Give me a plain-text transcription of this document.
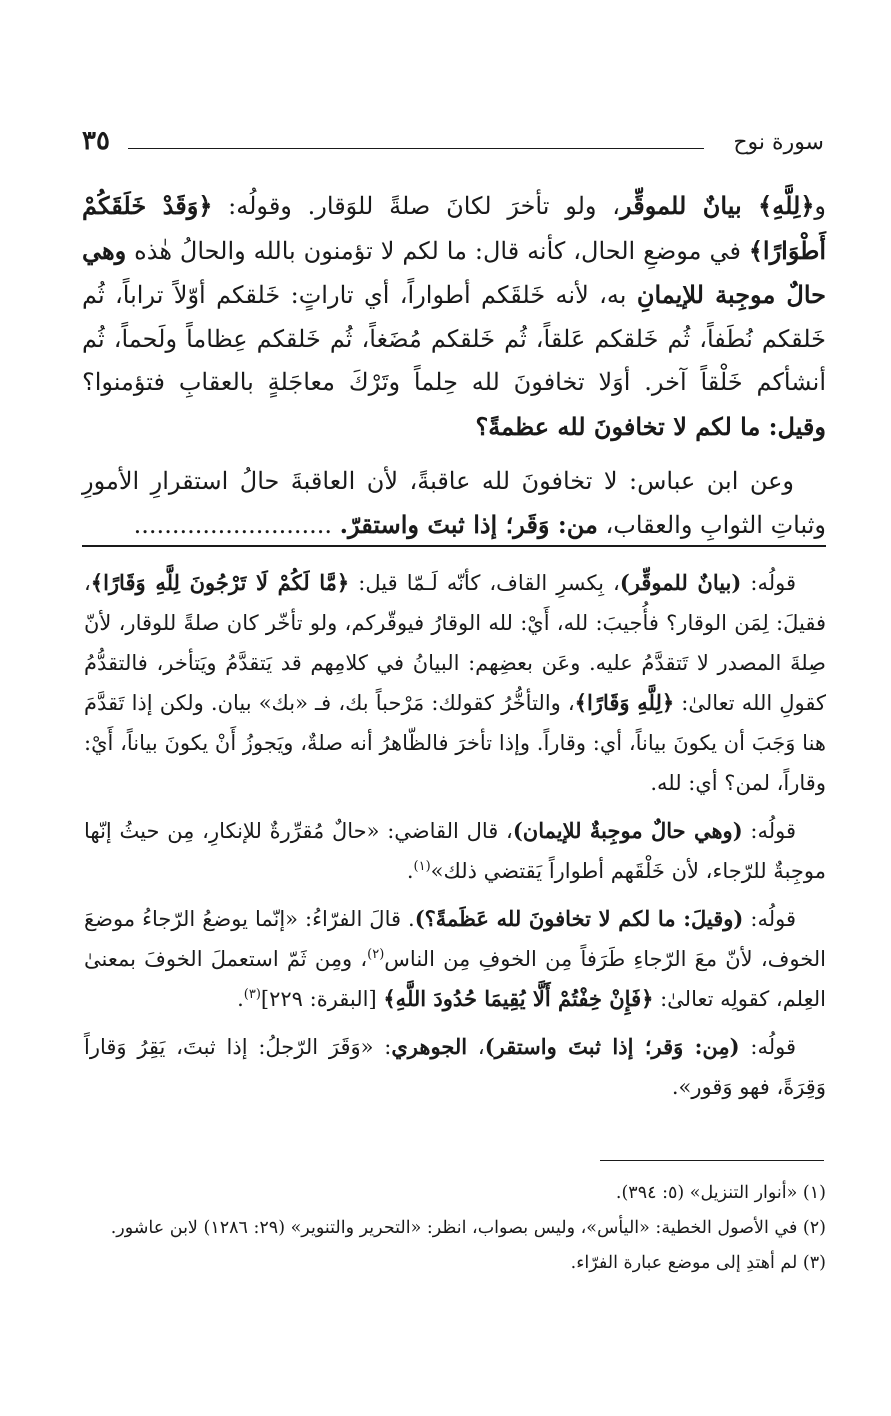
سورة نوح
٣٥

و﴿لِلَّهِ﴾ بيانٌ للموقِّر، ولو تأخرَ لكانَ صلةً للوَقار. وقولُه: ﴿وَقَدْ خَلَقَكُمْ أَطْوَارًا﴾ في موضعِ الحال، كأنه قال: ما لكم لا تؤمنون بالله والحالُ هٰذه وهي حالٌ موجِبة للإيمانِ به، لأنه خَلقَكم أطواراً، أي تاراتٍ: خَلقكم أوّلاً تراباً، ثُم خَلقكم نُطَفاً، ثُم خَلقكم عَلقاً، ثُم خَلقكم مُضَغاً، ثُم خَلقكم عِظاماً ولَحماً، ثُم أنشأكم خَلْقاً آخر. أوَلا تخافونَ لله حِلماً وتَرْكَ معاجَلةٍ بالعقابِ فتؤمنوا؟ وقيل: ما لكم لا تخافونَ لله عظمةً؟

وعن ابن عباس: لا تخافونَ لله عاقبةً، لأن العاقبةَ حالُ استقرارِ الأمورِ وثباتِ الثوابِ والعقاب، من: وَقَر؛ إذا ثبتَ واستقرّ. ..........................

قولُه: (بيانٌ للموقِّر)، بِكسرِ القاف، كأنّه لَـمّا قيل: ﴿مَّا لَكُمْ لَا تَرْجُونَ لِلَّهِ وَقَارًا﴾، فقيلَ: لِمَن الوقار؟ فأُجيبَ: لله، أَيْ: لله الوقارُ فيوقّركم، ولو تأخّر كان صلةً للوقار، لأنّ صِلةَ المصدر لا تَتقدَّمُ عليه. وعَن بعضِهم: البيانُ في كلامِهم قد يَتقدَّمُ ويَتأخر، فالتقدُّمُ كقولِ الله تعالىٰ: ﴿لِلَّهِ وَقَارًا﴾، والتأخُّرُ كقولك: مَرْحباً بك، فـ «بك» بيان. ولكن إذا تَقدَّمَ هنا وَجَبَ أن يكونَ بياناً، أي: وقاراً. وإذا تأخرَ فالظّاهرُ أنه صلةٌ، ويَجوزُ أَنْ يكونَ بياناً، أَيْ: وقاراً، لمن؟ أي: لله.

قولُه: (وهي حالٌ موجِبةٌ للإيمان)، قال القاضي: «حالٌ مُقرِّرةٌ للإنكارِ، مِن حيثُ إنّها موجِبةٌ للرّجاء، لأن خَلْقَهم أطواراً يَقتضي ذلك»$^{(١)}$.

قولُه: (وقيلَ: ما لكم لا تخافونَ لله عَظَمةً؟). قالَ الفرّاءُ: «إنّما يوضعُ الرّجاءُ موضعَ الخوف، لأنّ معَ الرّجاءِ طَرَفاً مِن الخوفِ مِن الناس$^{(٢)}$، ومِن ثَمّ استعملَ الخوفَ بمعنىٰ العِلم، كقولِه تعالىٰ: ﴿فَإِنْ خِفْتُمْ أَلَّا يُقِيمَا حُدُودَ اللَّهِ﴾ [البقرة: ٢٢٩]$^{(٣)}$.

قولُه: (مِن: وَقر؛ إذا ثبتَ واستقر)، الجوهري: «وَقَرَ الرّجلُ: إذا ثبتَ، يَقِرُ وَقاراً وَقِرَةً، فهو وَقور».

(١) «أنوار التنزيل» (٥: ٣٩٤).

(٢) في الأصول الخطية: «اليأس»، وليس بصواب، انظر: «التحرير والتنوير» (٢٩: ١٢٨٦) لابن عاشور.

(٣) لم أهتدِ إلى موضع عبارة الفرّاء.
